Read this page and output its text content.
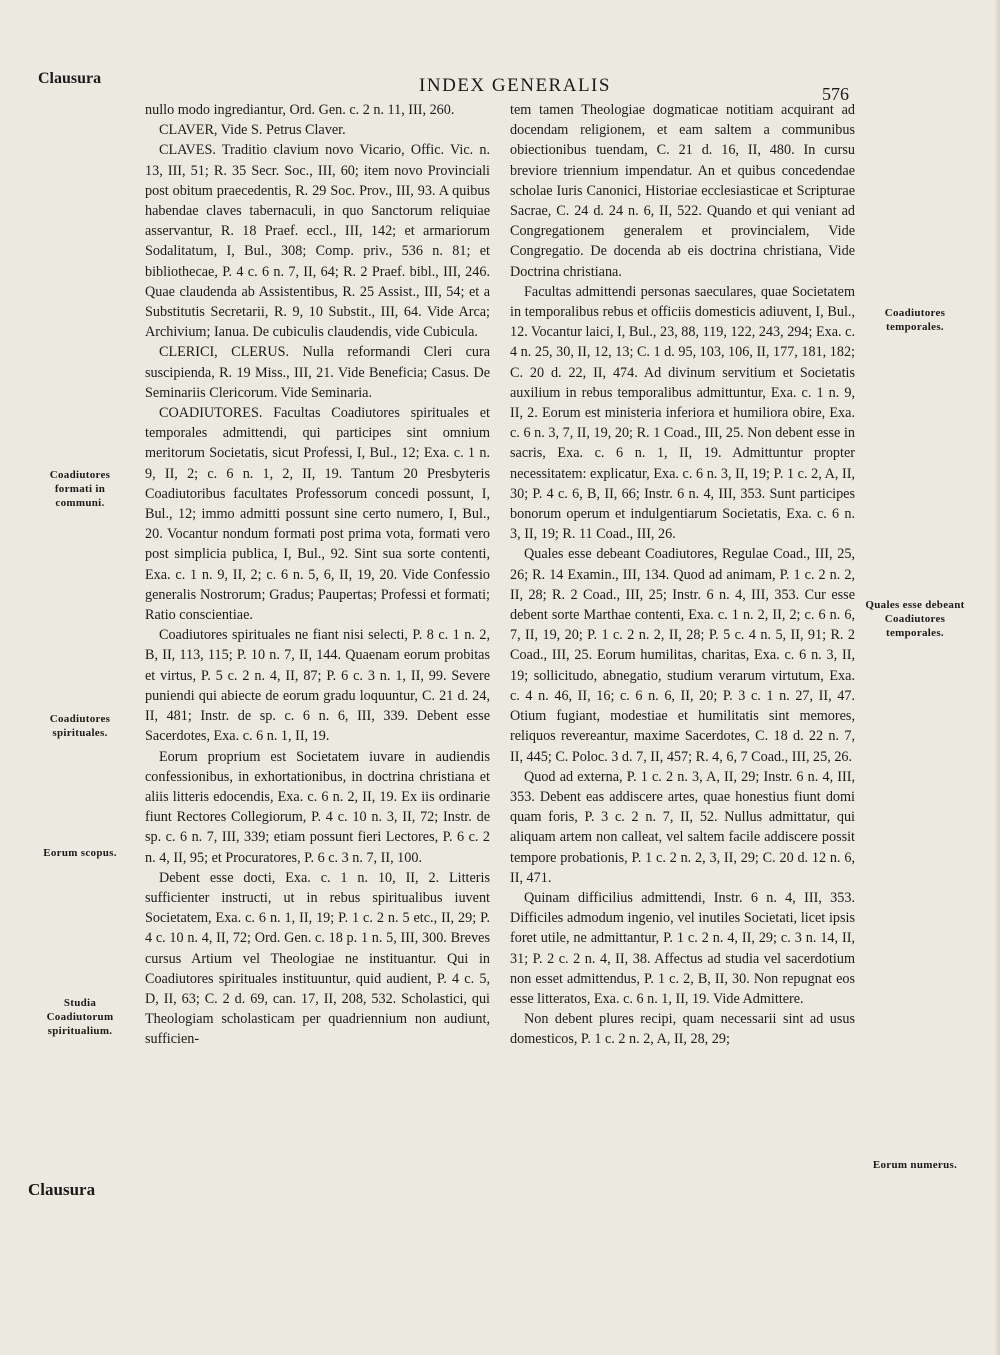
Clausura	INDEX GENERALIS	576
Coadiutores formati in communi.
Coadiutores spirituales.
Eorum scopus.
Studia Coadiutorum spiritualium.
Coadiutores temporales.
Quales esse debeant Coadiutores temporales.
Eorum numerus.

nullo modo ingrediantur, Ord. Gen. c. 2 n. 11, III, 260.

CLAVER, Vide S. Petrus Claver.

CLAVES. Traditio clavium novo Vicario, Offic. Vic. n. 13, III, 51; R. 35 Secr. Soc., III, 60; item novo Provinciali post obitum praecedentis, R. 29 Soc. Prov., III, 93. A quibus habendae claves tabernaculi, in quo Sanctorum reliquiae asservantur, R. 18 Praef. eccl., III, 142; et armariorum Sodalitatum, I, Bul., 308; Comp. priv., 536 n. 81; et bibliothecae, P. 4 c. 6 n. 7, II, 64; R. 2 Praef. bibl., III, 246. Quae claudenda ab Assistentibus, R. 25 Assist., III, 54; et a Substitutis Secretarii, R. 9, 10 Substit., III, 64. Vide Arca; Archivium; Ianua. De cubiculis claudendis, vide Cubicula.

CLERICI, CLERUS. Nulla reformandi Cleri cura suscipienda, R. 19 Miss., III, 21. Vide Beneficia; Casus. De Seminariis Clericorum. Vide Seminaria.

COADIUTORES. Facultas Coadiutores spirituales et temporales admittendi, qui participes sint omnium meritorum Societatis, sicut Professi, I, Bul., 12; Exa. c. 1 n. 9, II, 2; c. 6 n. 1, 2, II, 19. Tantum 20 Presbyteris Coadiutoribus facultates Professorum concedi possunt, I, Bul., 12; immo admitti possunt sine certo numero, I, Bul., 20. Vocantur nondum formati post prima vota, formati vero post simplicia publica, I, Bul., 92. Sint sua sorte contenti, Exa. c. 1 n. 9, II, 2; c. 6 n. 5, 6, II, 19, 20. Vide Confessio generalis Nostrorum; Gradus; Paupertas; Professi et formati; Ratio conscientiae.

Coadiutores spirituales ne fiant nisi selecti, P. 8 c. 1 n. 2, B, II, 113, 115; P. 10 n. 7, II, 144. Quaenam eorum probitas et virtus, P. 5 c. 2 n. 4, II, 87; P. 6 c. 3 n. 1, II, 99. Severe puniendi qui abiecte de eorum gradu loquuntur, C. 21 d. 24, II, 481; Instr. de sp. c. 6 n. 6, III, 339. Debent esse Sacerdotes, Exa. c. 6 n. 1, II, 19.

Eorum proprium est Societatem iuvare in audiendis confessionibus, in exhortationibus, in doctrina christiana et aliis litteris edocendis, Exa. c. 6 n. 2, II, 19. Ex iis ordinarie fiunt Rectores Collegiorum, P. 4 c. 10 n. 3, II, 72; Instr. de sp. c. 6 n. 7, III, 339; etiam possunt fieri Lectores, P. 6 c. 2 n. 4, II, 95; et Procuratores, P. 6 c. 3 n. 7, II, 100.

Debent esse docti, Exa. c. 1 n. 10, II, 2. Litteris sufficienter instructi, ut in rebus spiritualibus iuvent Societatem, Exa. c. 6 n. 1, II, 19; P. 1 c. 2 n. 5 etc., II, 29; P. 4 c. 10 n. 4, II, 72; Ord. Gen. c. 18 p. 1 n. 5, III, 300. Breves cursus Artium vel Theologiae ne instituantur. Qui in Coadiutores spirituales instituuntur, quid audient, P. 4 c. 5, D, II, 63; C. 2 d. 69, can. 17, II, 208, 532. Scholastici, qui Theologiam scholasticam per quadriennium non audiunt, sufficien-

tem tamen Theologiae dogmaticae notitiam acquirant ad docendam religionem, et eam saltem a communibus obiectionibus tuendam, C. 21 d. 16, II, 480. In cursu breviore triennium impendatur. An et quibus concedendae scholae Iuris Canonici, Historiae ecclesiasticae et Scripturae Sacrae, C. 24 d. 24 n. 6, II, 522. Quando et qui veniant ad Congregationem generalem et provincialem, Vide Congregatio. De docenda ab eis doctrina christiana, Vide Doctrina christiana.

Facultas admittendi personas saeculares, quae Societatem in temporalibus rebus et officiis domesticis adiuvent, I, Bul., 12. Vocantur laici, I, Bul., 23, 88, 119, 122, 243, 294; Exa. c. 4 n. 25, 30, II, 12, 13; C. 1 d. 95, 103, 106, II, 177, 181, 182; C. 20 d. 22, II, 474. Ad divinum servitium et Societatis auxilium in rebus temporalibus admittuntur, Exa. c. 1 n. 9, II, 2. Eorum est ministeria inferiora et humiliora obire, Exa. c. 6 n. 3, 7, II, 19, 20; R. 1 Coad., III, 25. Non debent esse in sacris, Exa. c. 6 n. 1, II, 19. Admittuntur propter necessitatem: explicatur, Exa. c. 6 n. 3, II, 19; P. 1 c. 2, A, II, 30; P. 4 c. 6, B, II, 66; Instr. 6 n. 4, III, 353. Sunt participes bonorum operum et indulgentiarum Societatis, Exa. c. 6 n. 3, II, 19; R. 11 Coad., III, 26.

Quales esse debeant Coadiutores, Regulae Coad., III, 25, 26; R. 14 Examin., III, 134. Quod ad animam, P. 1 c. 2 n. 2, II, 28; R. 2 Coad., III, 25; Instr. 6 n. 4, III, 353. Cur esse debent sorte Marthae contenti, Exa. c. 1 n. 2, II, 2; c. 6 n. 6, 7, II, 19, 20; P. 1 c. 2 n. 2, II, 28; P. 5 c. 4 n. 5, II, 91; R. 2 Coad., III, 25. Eorum humilitas, charitas, Exa. c. 6 n. 3, II, 19; sollicitudo, abnegatio, studium verarum virtutum, Exa. c. 4 n. 46, II, 16; c. 6 n. 6, II, 20; P. 3 c. 1 n. 27, II, 47. Otium fugiant, modestiae et humilitatis sint memores, reliquos revereantur, maxime Sacerdotes, C. 18 d. 22 n. 7, II, 445; C. Poloc. 3 d. 7, II, 457; R. 4, 6, 7 Coad., III, 25, 26.

Quod ad externa, P. 1 c. 2 n. 3, A, II, 29; Instr. 6 n. 4, III, 353. Debent eas addiscere artes, quae honestius fiunt domi quam foris, P. 3 c. 2 n. 7, II, 52. Nullus admittatur, qui aliquam artem non calleat, vel saltem facile addiscere possit tempore probationis, P. 1 c. 2 n. 2, 3, II, 29; C. 20 d. 12 n. 6, II, 471.

Quinam difficilius admittendi, Instr. 6 n. 4, III, 353. Difficiles admodum ingenio, vel inutiles Societati, licet ipsis foret utile, ne admittantur, P. 1 c. 2 n. 4, II, 29; c. 3 n. 14, II, 31; P. 2 c. 2 n. 4, II, 38. Affectus ad studia vel sacerdotium non esset admittendus, P. 1 c. 2, B, II, 30. Non repugnat eos esse litteratos, Exa. c. 6 n. 1, II, 19. Vide Admittere.

Non debent plures recipi, quam necessarii sint ad usus domesticos, P. 1 c. 2 n. 2, A, II, 28, 29;

Clausura
